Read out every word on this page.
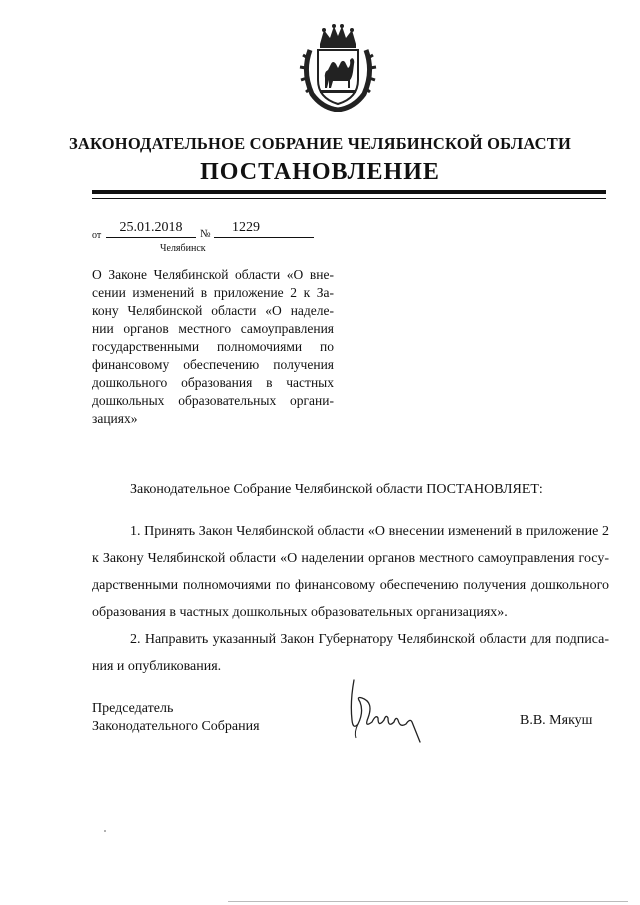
ЗАКОНОДАТЕЛЬНОЕ СОБРАНИЕ ЧЕЛЯБИНСКОЙ ОБЛАСТИ
ПОСТАНОВЛЕНИЕ
от
25.01.2018	№	1229
Челябинск
О Законе Челябинской области «О вне-
сении изменений в приложение 2 к За-
кону Челябинской области «О наделе-
нии органов местного самоуправления
государственными полномочиями по
финансовому обеспечению получения
дошкольного образования в частных
дошкольных образовательных органи-
зациях»
Законодательное Собрание Челябинской области ПОСТАНОВЛЯЕТ:
1. Принять Закон Челябинской области «О внесении изменений в приложение 2
к Закону Челябинской области «О наделении органов местного самоуправления госу-
дарственными полномочиями по финансовому обеспечению получения дошкольного
образования в частных дошкольных образовательных организациях».
2. Направить указанный Закон Губернатору Челябинской области для подписа-
ния и опубликования.
Председатель
Законодательного Собрания	В.В. Мякуш
